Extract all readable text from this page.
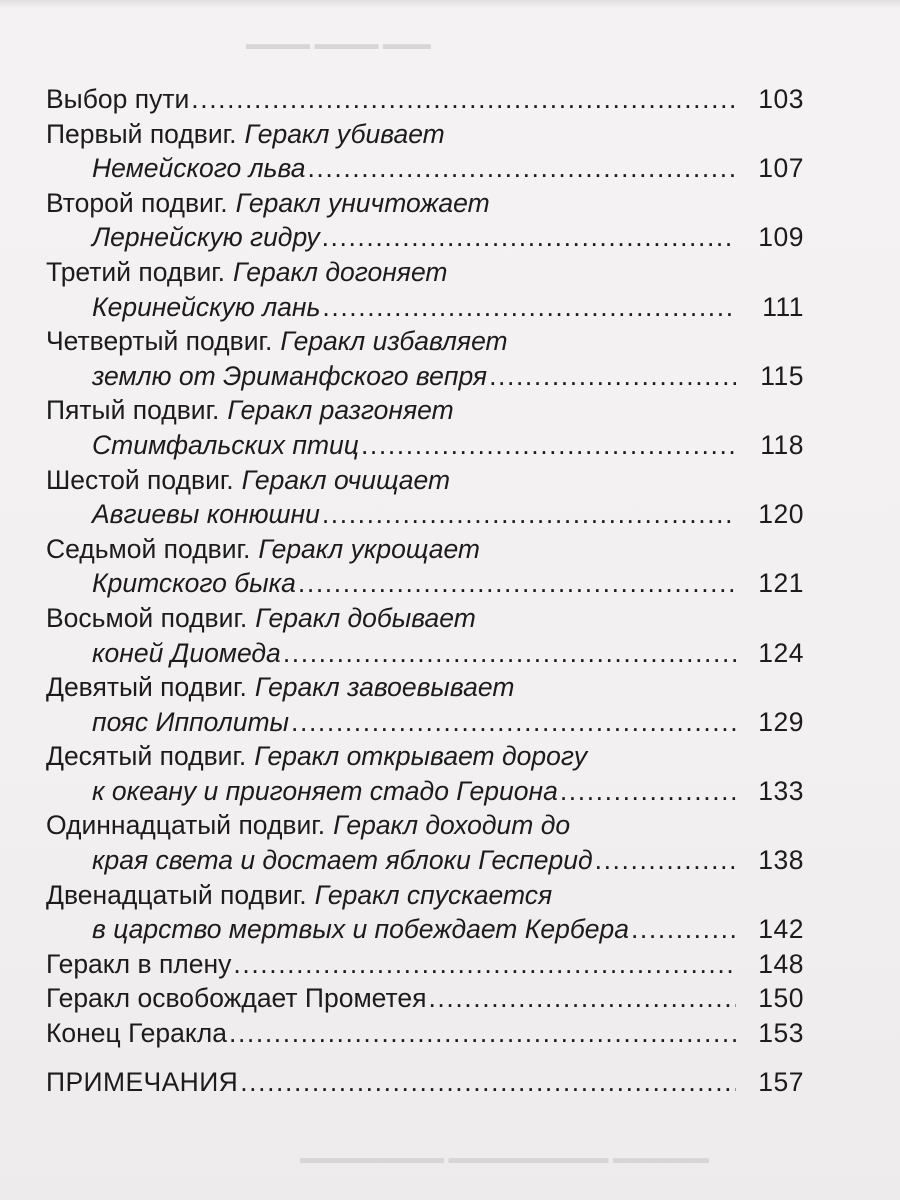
Выбор пути .....	103
Первый подвиг. Геракл убивает
Немейского льва .....	107
Второй подвиг. Геракл уничтожает
Лернейскую гидру .....	109
Третий подвиг. Геракл догоняет
Керинейскую лань .....	111
Четвертый подвиг. Геракл избавляет
землю от Эриманфского вепря .....	115
Пятый подвиг. Геракл разгоняет
Стимфальских птиц .....	118
Шестой подвиг. Геракл очищает
Авгиевы конюшни .....	120
Седьмой подвиг. Геракл укрощает
Критского быка .....	121
Восьмой подвиг. Геракл добывает
коней Диомеда .....	124
Девятый подвиг. Геракл завоевывает
пояс Ипполиты .....	129
Десятый подвиг. Геракл открывает дорогу
к океану и пригоняет стадо Гериона .....	133
Одиннадцатый подвиг. Геракл доходит до
края света и достает яблоки Гесперид .....	138
Двенадцатый подвиг. Геракл спускается
в царство мертвых и побеждает Кербера .....	142
Геракл в плену .....	148
Геракл освобождает Прометея .....	150
Конец Геракла .....	153
ПРИМЕЧАНИЯ .....	157
▬▬▬▬ ▬▬▬▬ ▬▬▬
▬▬▬▬▬▬▬▬▬ ▬▬▬▬▬▬▬▬▬▬ ▬▬▬▬▬▬
